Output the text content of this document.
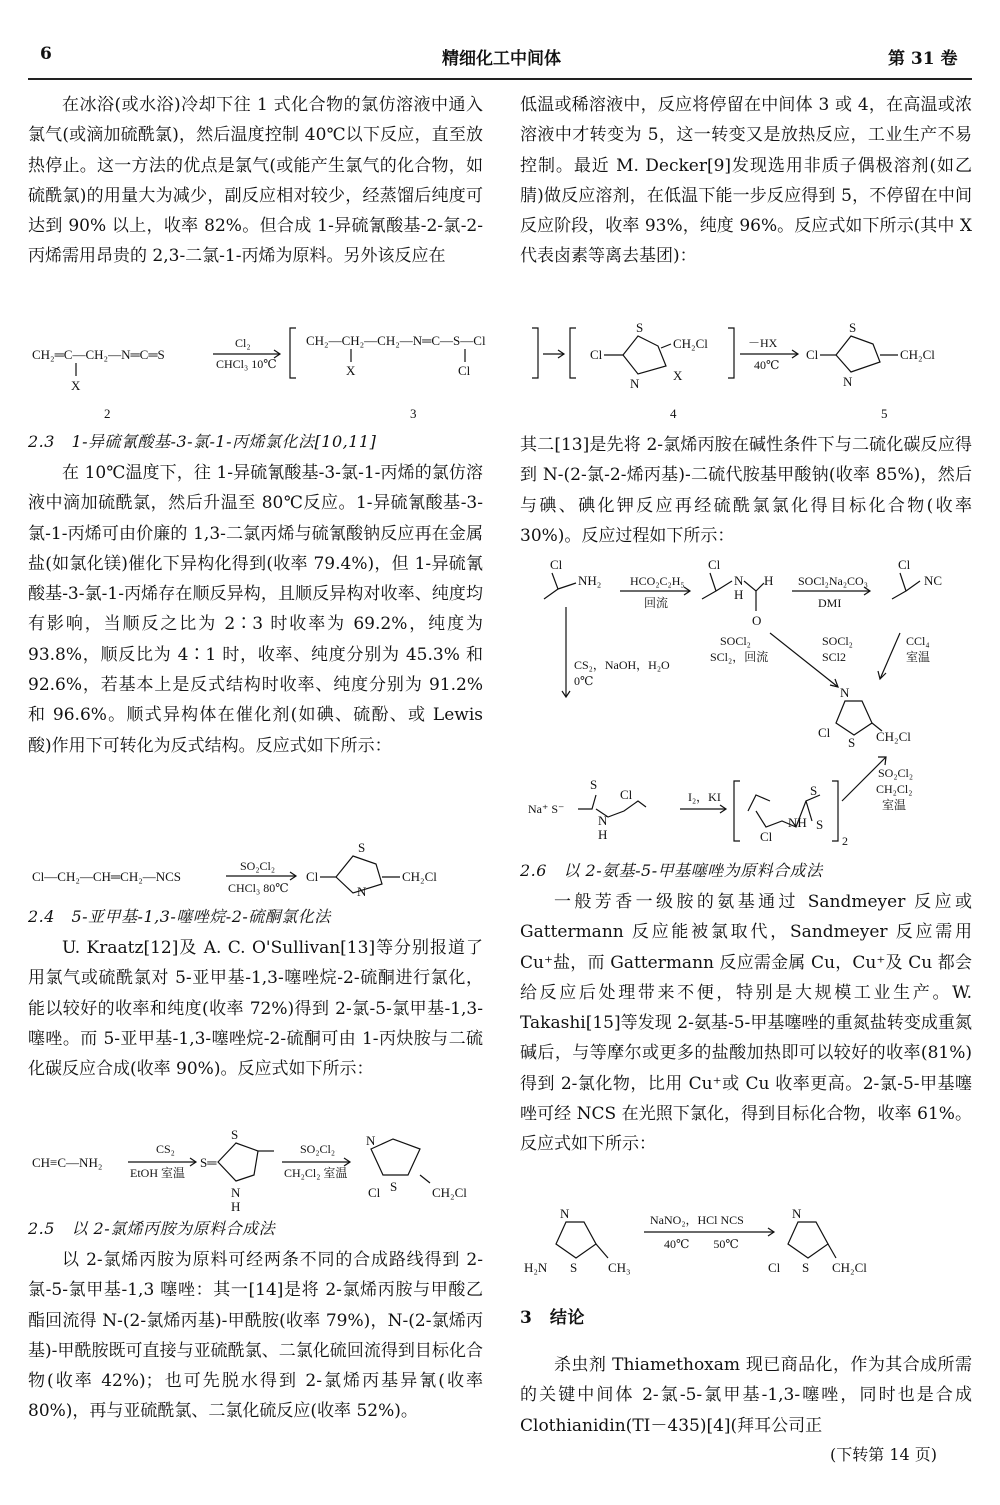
6	精细化工中间体	第 31 卷

在冰浴(或水浴)冷却下往 1 式化合物的氯仿溶液中通入氯气(或滴加硫酰氯)，然后温度控制 40℃以下反应，直至放热停止。这一方法的优点是氯气(或能产生氯气的化合物，如硫酰氯)的用量大为减少，副反应相对较少，经蒸馏后纯度可达到 90% 以上，收率 82%。但合成 1-异硫氰酸基-2-氯-2-丙烯需用昂贵的 2,3-二氯-1-丙烯为原料。另外该反应在

低温或稀溶液中，反应将停留在中间体 3 或 4，在高温或浓溶液中才转变为 5，这一转变又是放热反应，工业生产不易控制。最近 M. Decker[9]发现选用非质子偶极溶剂(如乙腈)做反应溶剂，在低温下能一步反应得到 5，不停留在中间反应阶段，收率 93%，纯度 96%。反应式如下所示(其中 X 代表卤素等离去基团)：

CH₂═C—CH₂—N═C═S
X
Cl₂
CHCl₃ 10℃
CH₂—CH₂—CH₂—N═C—S—Cl
X	Cl
Cl
S
N
CH₂Cl
X
－HX
40℃
Cl
S
N
CH₂Cl
2	3	4	5
2.3　1-异硫氰酸基-3-氯-1-丙烯氯化法[10,11]

在 10℃温度下，往 1-异硫氰酸基-3-氯-1-丙烯的氯仿溶液中滴加硫酰氯，然后升温至 80℃反应。1-异硫氰酸基-3-氯-1-丙烯可由价廉的 1,3-二氯丙烯与硫氰酸钠反应再在金属盐(如氯化镁)催化下异构化得到(收率 79.4%)，但 1-异硫氰酸基-3-氯-1-丙烯存在顺反异构，且顺反异构对收率、纯度均有影响，当顺反之比为 2∶3 时收率为 69.2%，纯度为 93.8%，顺反比为 4∶1 时，收率、纯度分别为 45.3% 和 92.6%，若基本上是反式结构时收率、纯度分别为 91.2% 和 96.6%。顺式异构体在催化剂(如碘、硫酚、或 Lewis 酸)作用下可转化为反式结构。反应式如下所示：

Cl—CH₂—CH═CH₂—NCS
SO₂Cl₂
CHCl₃ 80℃
Cl
S
N
CH₂Cl
2.4　5-亚甲基-1,3-噻唑烷-2-硫酮氯化法

U. Kraatz[12]及 A. C. O'Sullivan[13]等分别报道了用氯气或硫酰氯对 5-亚甲基-1,3-噻唑烷-2-硫酮进行氯化，能以较好的收率和纯度(收率 72%)得到 2-氯-5-氯甲基-1,3-噻唑。而 5-亚甲基-1,3-噻唑烷-2-硫酮可由 1-丙炔胺与二硫化碳反应合成(收率 90%)。反应式如下所示：

CH≡C—NH₂
CS₂
EtOH 室温
S═
S
N
H
SO₂Cl₂
CH₂Cl₂ 室温
N
Cl S	CH₂Cl
2.5　以 2-氯烯丙胺为原料合成法

以 2-氯烯丙胺为原料可经两条不同的合成路线得到 2-氯-5-氯甲基-1,3 噻唑：其一[14]是将 2-氯烯丙胺与甲酸乙酯回流得 N-(2-氯烯丙基)-甲酰胺(收率 79%)，N-(2-氯烯丙基)-甲酰胺既可直接与亚硫酰氯、二氯化硫回流得到目标化合物(收率 42%)；也可先脱水得到 2-氯烯丙基异氰(收率 80%)，再与亚硫酰氯、二氯化硫反应(收率 52%)。

其二[13]是先将 2-氯烯丙胺在碱性条件下与二硫化碳反应得到 N-(2-氯-2-烯丙基)-二硫代胺基甲酸钠(收率 85%)，然后与碘、碘化钾反应再经硫酰氯氯化得目标化合物(收率 30%)。反应过程如下所示：

Cl
NH₂ HCO₂C₂H₅
回流
Cl
N
H
H
O
SOCl₂Na₂CO₃
DMI
Cl
NC
SOCl₂
SCl₂，回流
SOCl₂
SCl2
CCl₄
室温
N
Cl
S CH₂Cl
CS₂，NaOH，H₂O
0℃
Na⁺ S⁻
S
Cl
N
H
I₂，KI
Cl
NH
S
S
2
SO₂Cl₂
CH₂Cl₂
室温
2.6　以 2-氨基-5-甲基噻唑为原料合成法

一般芳香一级胺的氨基通过 Sandmeyer 反应或 Gattermann 反应能被氯取代，Sandmeyer 反应需用 Cu⁺盐，而 Gattermann 反应需金属 Cu，Cu⁺及 Cu 都会给反应后处理带来不便，特别是大规模工业生产。W. Takashi[15]等发现 2-氨基-5-甲基噻唑的重氮盐转变成重氮碱后，与等摩尔或更多的盐酸加热即可以较好的收率(81%)得到 2-氯化物，比用 Cu⁺或 Cu 收率更高。2-氯-5-甲基噻唑可经 NCS 在光照下氯化，得到目标化合物，收率 61%。反应式如下所示：

N
H₂N S CH₃
NaNO₂，HCl NCS
40℃　　50℃
N
Cl S CH₂Cl
3　结论

杀虫剂 Thiamethoxam 现已商品化，作为其合成所需的关键中间体 2-氯-5-氯甲基-1,3-噻唑，同时也是合成Clothianidin(TI－435)[4](拜耳公司正

(下转第 14 页)
